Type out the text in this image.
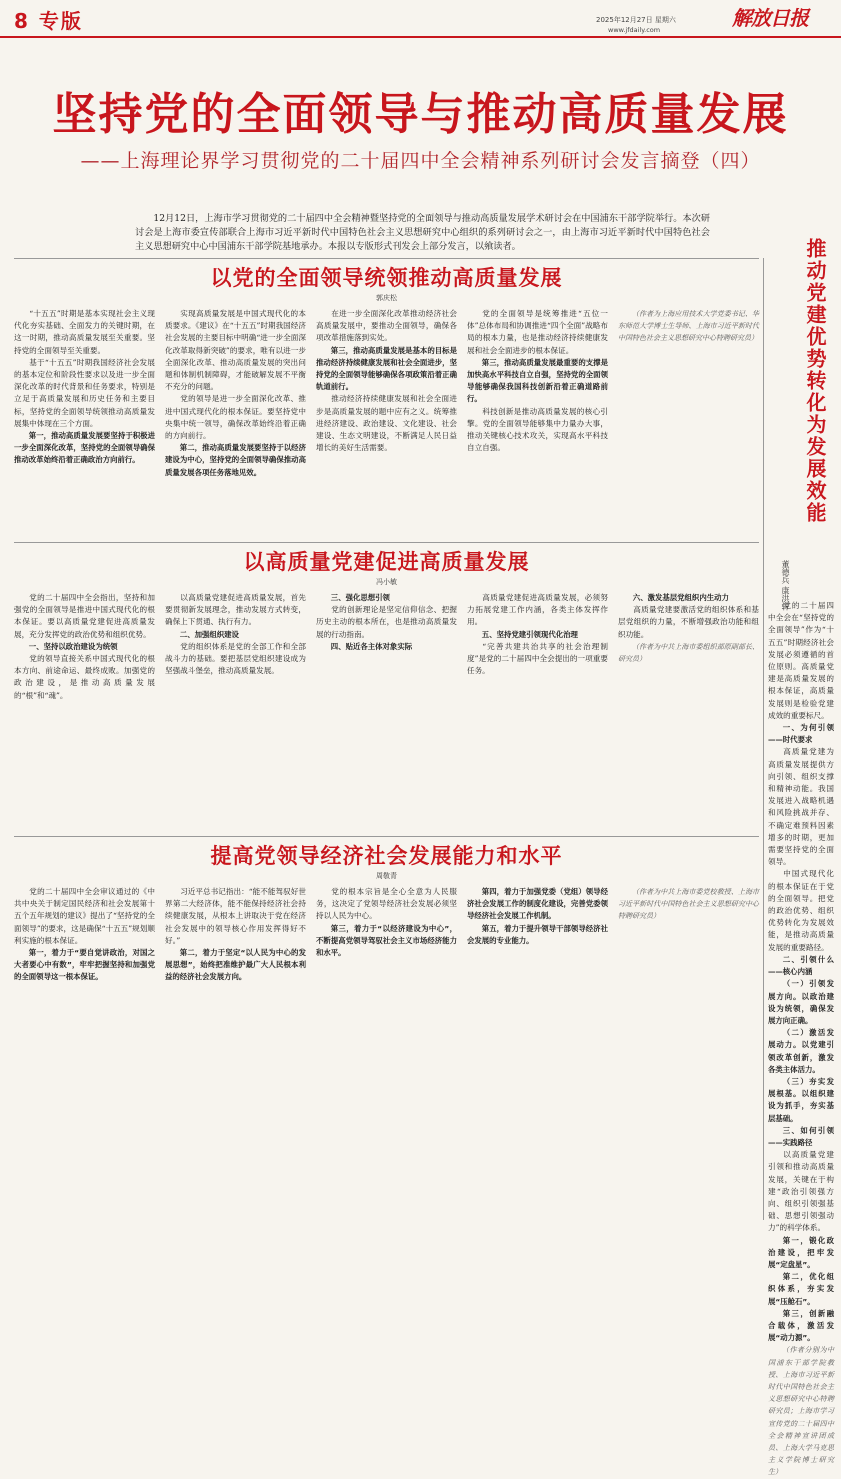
8 专版	2025年12月27日 星期六
www.jfdaily.com	解放日报
坚持党的全面领导与推动高质量发展
——上海理论界学习贯彻党的二十届四中全会精神系列研讨会发言摘登（四）
12月12日，上海市学习贯彻党的二十届四中全会精神暨坚持党的全面领导与推动高质量发展学术研讨会在中国浦东干部学院举行。本次研讨会是上海市委宣传部联合上海市习近平新时代中国特色社会主义思想研究中心组织的系列研讨会之一，由上海市习近平新时代中国特色社会主义思想研究中心中国浦东干部学院基地承办。本报以专版形式刊发会上部分发言，以飨读者。
以党的全面领导统领推动高质量发展
郭庆松

“十五五”时期是基本实现社会主义现代化夯实基础、全面发力的关键时期，在这一时期，推动高质量发展至关重要。坚持党的全面领导至关重要。

基于“十五五”时期我国经济社会发展的基本定位和阶段性要求以及进一步全面深化改革的时代背景和任务要求，特别是立足于高质量发展和历史任务和主要目标，坚持党的全面领导统领推动高质量发展集中体现在三个方面。

第一，推动高质量发展要坚持于积极进一步全面深化改革，坚持党的全面领导确保推动改革始终沿着正确政治方向前行。

实现高质量发展是中国式现代化的本质要求。《建议》在“十五五”时期我国经济社会发展的主要目标中明确“进一步全面深化改革取得新突破”的要求，唯有以进一步全面深化改革、推动高质量发展的突出问题和体制机制障碍，才能破解发展不平衡不充分的问题。

党的领导是进一步全面深化改革、推进中国式现代化的根本保证。要坚持党中央集中统一领导，确保改革始终沿着正确的方向前行。

第二，推动高质量发展要坚持于以经济建设为中心，坚持党的全面领导确保推动高质量发展各项任务落地见效。

在进一步全面深化改革推动经济社会高质量发展中，要推动全面领导，确保各项改革措施落到实处。

第三，推动高质量发展是基本的目标是推动经济持续健康发展和社会全面进步，坚持党的全面领导能够确保各项政策沿着正确轨道前行。

推动经济持续健康发展和社会全面进步是高质量发展的题中应有之义。统筹推进经济建设、政治建设、文化建设、社会建设、生态文明建设，不断满足人民日益增长的美好生活需要。

党的全面领导是统筹推进“五位一体”总体布局和协调推进“四个全面”战略布局的根本力量，也是推动经济持续健康发展和社会全面进步的根本保证。

第三，推动高质量发展最重要的支撑是加快高水平科技自立自强，坚持党的全面领导能够确保我国科技创新沿着正确道路前行。

科技创新是推动高质量发展的核心引擎。党的全面领导能够集中力量办大事，推动关键核心技术攻关，实现高水平科技自立自强。

（作者为上海应用技术大学党委书记、华东师范大学博士生导师、上海市习近平新时代中国特色社会主义思想研究中心特聘研究员）

以高质量党建促进高质量发展
冯小敏

党的二十届四中全会指出，坚持和加强党的全面领导是推进中国式现代化的根本保证。要以高质量党建促进高质量发展，充分发挥党的政治优势和组织优势。

一、坚持以政治建设为统领

党的领导直接关系中国式现代化的根本方向、前途命运、最终成败。加强党的政治建设，是推动高质量发展的“根”和“魂”。

以高质量党建促进高质量发展，首先要贯彻新发展理念，推动发展方式转变，确保上下贯通、执行有力。

二、加强组织建设

党的组织体系是党的全部工作和全部战斗力的基础。要把基层党组织建设成为坚强战斗堡垒，推动高质量发展。

三、强化思想引领

党的创新理论是坚定信仰信念、把握历史主动的根本所在，也是推动高质量发展的行动指南。

四、贴近各主体对象实际

高质量党建促进高质量发展，必须努力拓展党建工作内涵，各类主体发挥作用。

五、坚持党建引领现代化治理

“完善共建共治共享的社会治理制度”是党的二十届四中全会提出的一项重要任务。

六、激发基层党组织内生动力

高质量党建要激活党的组织体系和基层党组织的力量，不断增强政治功能和组织功能。

（作者为中共上海市委组织部原副部长、研究员）

提高党领导经济社会发展能力和水平
周敬青

党的二十届四中全会审议通过的《中共中央关于制定国民经济和社会发展第十五个五年规划的建议》提出了“坚持党的全面领导”的要求，这是确保“十五五”规划顺利实施的根本保证。

第一，着力于“要自觉讲政治，对国之大者要心中有数”，牢牢把握坚持和加强党的全面领导这一根本保证。

习近平总书记指出：“能不能驾驭好世界第二大经济体，能不能保持经济社会持续健康发展，从根本上讲取决于党在经济社会发展中的领导核心作用发挥得好不好。”

第二，着力于坚定“以人民为中心的发展思想”，始终把准维护最广大人民根本利益的经济社会发展方向。

党的根本宗旨是全心全意为人民服务，这决定了党领导经济社会发展必须坚持以人民为中心。

第三，着力于“以经济建设为中心”，不断提高党领导驾驭社会主义市场经济能力和水平。

第四，着力于加强党委（党组）领导经济社会发展工作的制度化建设，完善党委领导经济社会发展工作机制。

第五，着力于提升领导干部领导经济社会发展的专业能力。

（作者为中共上海市委党校教授、上海市习近平新时代中国特色社会主义思想研究中心特聘研究员）

推动党建优势转化为发展效能
董德兵 康洪轩

党的二十届四中全会在“坚持党的全面领导”作为“十五五”时期经济社会发展必须遵循的首位原则。高质量党建是高质量发展的根本保证，高质量发展则是检验党建成效的重要标尺。

一、为何引领——时代要求

高质量党建为高质量发展提供方向引领、组织支撑和精神动能。我国发展进入战略机遇和风险挑战并存、不确定难预料因素增多的时期，更加需要坚持党的全面领导。

中国式现代化的根本保证在于党的全面领导。把党的政治优势、组织优势转化为发展效能，是推动高质量发展的重要路径。

二、引领什么——核心内涵

（一）引领发展方向。以政治建设为统领，确保发展方向正确。

（二）激活发展动力。以党建引领改革创新，激发各类主体活力。

（三）夯实发展根基。以组织建设为抓手，夯实基层基础。

三、如何引领——实践路径

以高质量党建引领和推动高质量发展，关键在于构建“政治引领强方向、组织引领强基础、思想引领强动力”的科学体系。

第一，锻化政治建设，把牢发展“定盘星”。

第二，优化组织体系，夯实发展“压舱石”。

第三，创新融合载体，激活发展“动力源”。

（作者分别为中国浦东干部学院教授、上海市习近平新时代中国特色社会主义思想研究中心特聘研究员；上海市学习宣传党的二十届四中全会精神宣讲团成员、上海大学马克思主义学院博士研究生）
